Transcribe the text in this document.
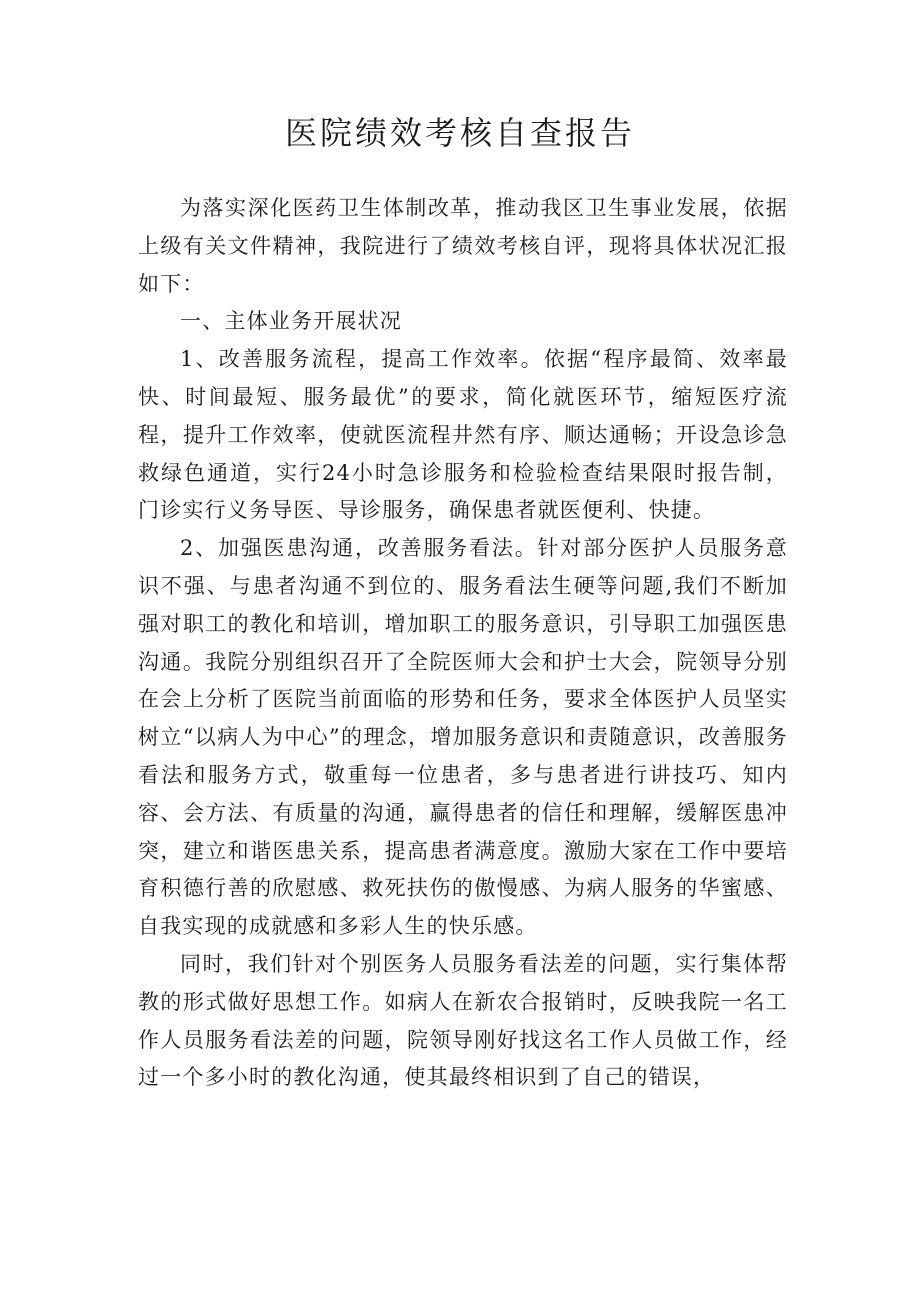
医院绩效考核自查报告

为落实深化医药卫生体制改革，推动我区卫生事业发展，依据上级有关文件精神，我院进行了绩效考核自评，现将具体状况汇报如下：

一、主体业务开展状况

1、改善服务流程，提高工作效率。依据“程序最简、效率最快、时间最短、服务最优”的要求，简化就医环节，缩短医疗流程，提升工作效率，使就医流程井然有序、顺达通畅；开设急诊急救绿色通道，实行24小时急诊服务和检验检查结果限时报告制，门诊实行义务导医、导诊服务，确保患者就医便利、快捷。

2、加强医患沟通，改善服务看法。针对部分医护人员服务意识不强、与患者沟通不到位的、服务看法生硬等问题,我们不断加强对职工的教化和培训，增加职工的服务意识，引导职工加强医患沟通。我院分别组织召开了全院医师大会和护士大会，院领导分别在会上分析了医院当前面临的形势和任务，要求全体医护人员坚实树立“以病人为中心”的理念，增加服务意识和责随意识，改善服务看法和服务方式，敬重每一位患者，多与患者进行讲技巧、知内容、会方法、有质量的沟通，赢得患者的信任和理解，缓解医患冲突，建立和谐医患关系，提高患者满意度。激励大家在工作中要培育积德行善的欣慰感、救死扶伤的傲慢感、为病人服务的华蜜感、自我实现的成就感和多彩人生的快乐感。

同时，我们针对个别医务人员服务看法差的问题，实行集体帮教的形式做好思想工作。如病人在新农合报销时，反映我院一名工作人员服务看法差的问题，院领导刚好找这名工作人员做工作，经过一个多小时的教化沟通，使其最终相识到了自己的错误，
